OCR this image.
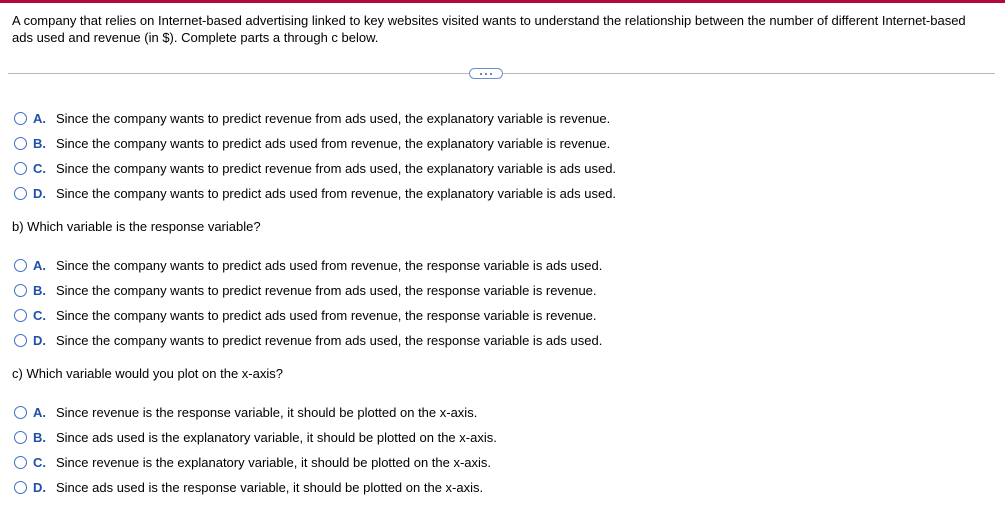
A company that relies on Internet-based advertising linked to key websites visited wants to understand the relationship between the number of different Internet-based ads used and revenue (in $). Complete parts a through c below.
A. Since the company wants to predict revenue from ads used, the explanatory variable is revenue.
B. Since the company wants to predict ads used from revenue, the explanatory variable is revenue.
C. Since the company wants to predict revenue from ads used, the explanatory variable is ads used.
D. Since the company wants to predict ads used from revenue, the explanatory variable is ads used.
b) Which variable is the response variable?
A. Since the company wants to predict ads used from revenue, the response variable is ads used.
B. Since the company wants to predict revenue from ads used, the response variable is revenue.
C. Since the company wants to predict ads used from revenue, the response variable is revenue.
D. Since the company wants to predict revenue from ads used, the response variable is ads used.
c) Which variable would you plot on the x-axis?
A. Since revenue is the response variable, it should be plotted on the x-axis.
B. Since ads used is the explanatory variable, it should be plotted on the x-axis.
C. Since revenue is the explanatory variable, it should be plotted on the x-axis.
D. Since ads used is the response variable, it should be plotted on the x-axis.
